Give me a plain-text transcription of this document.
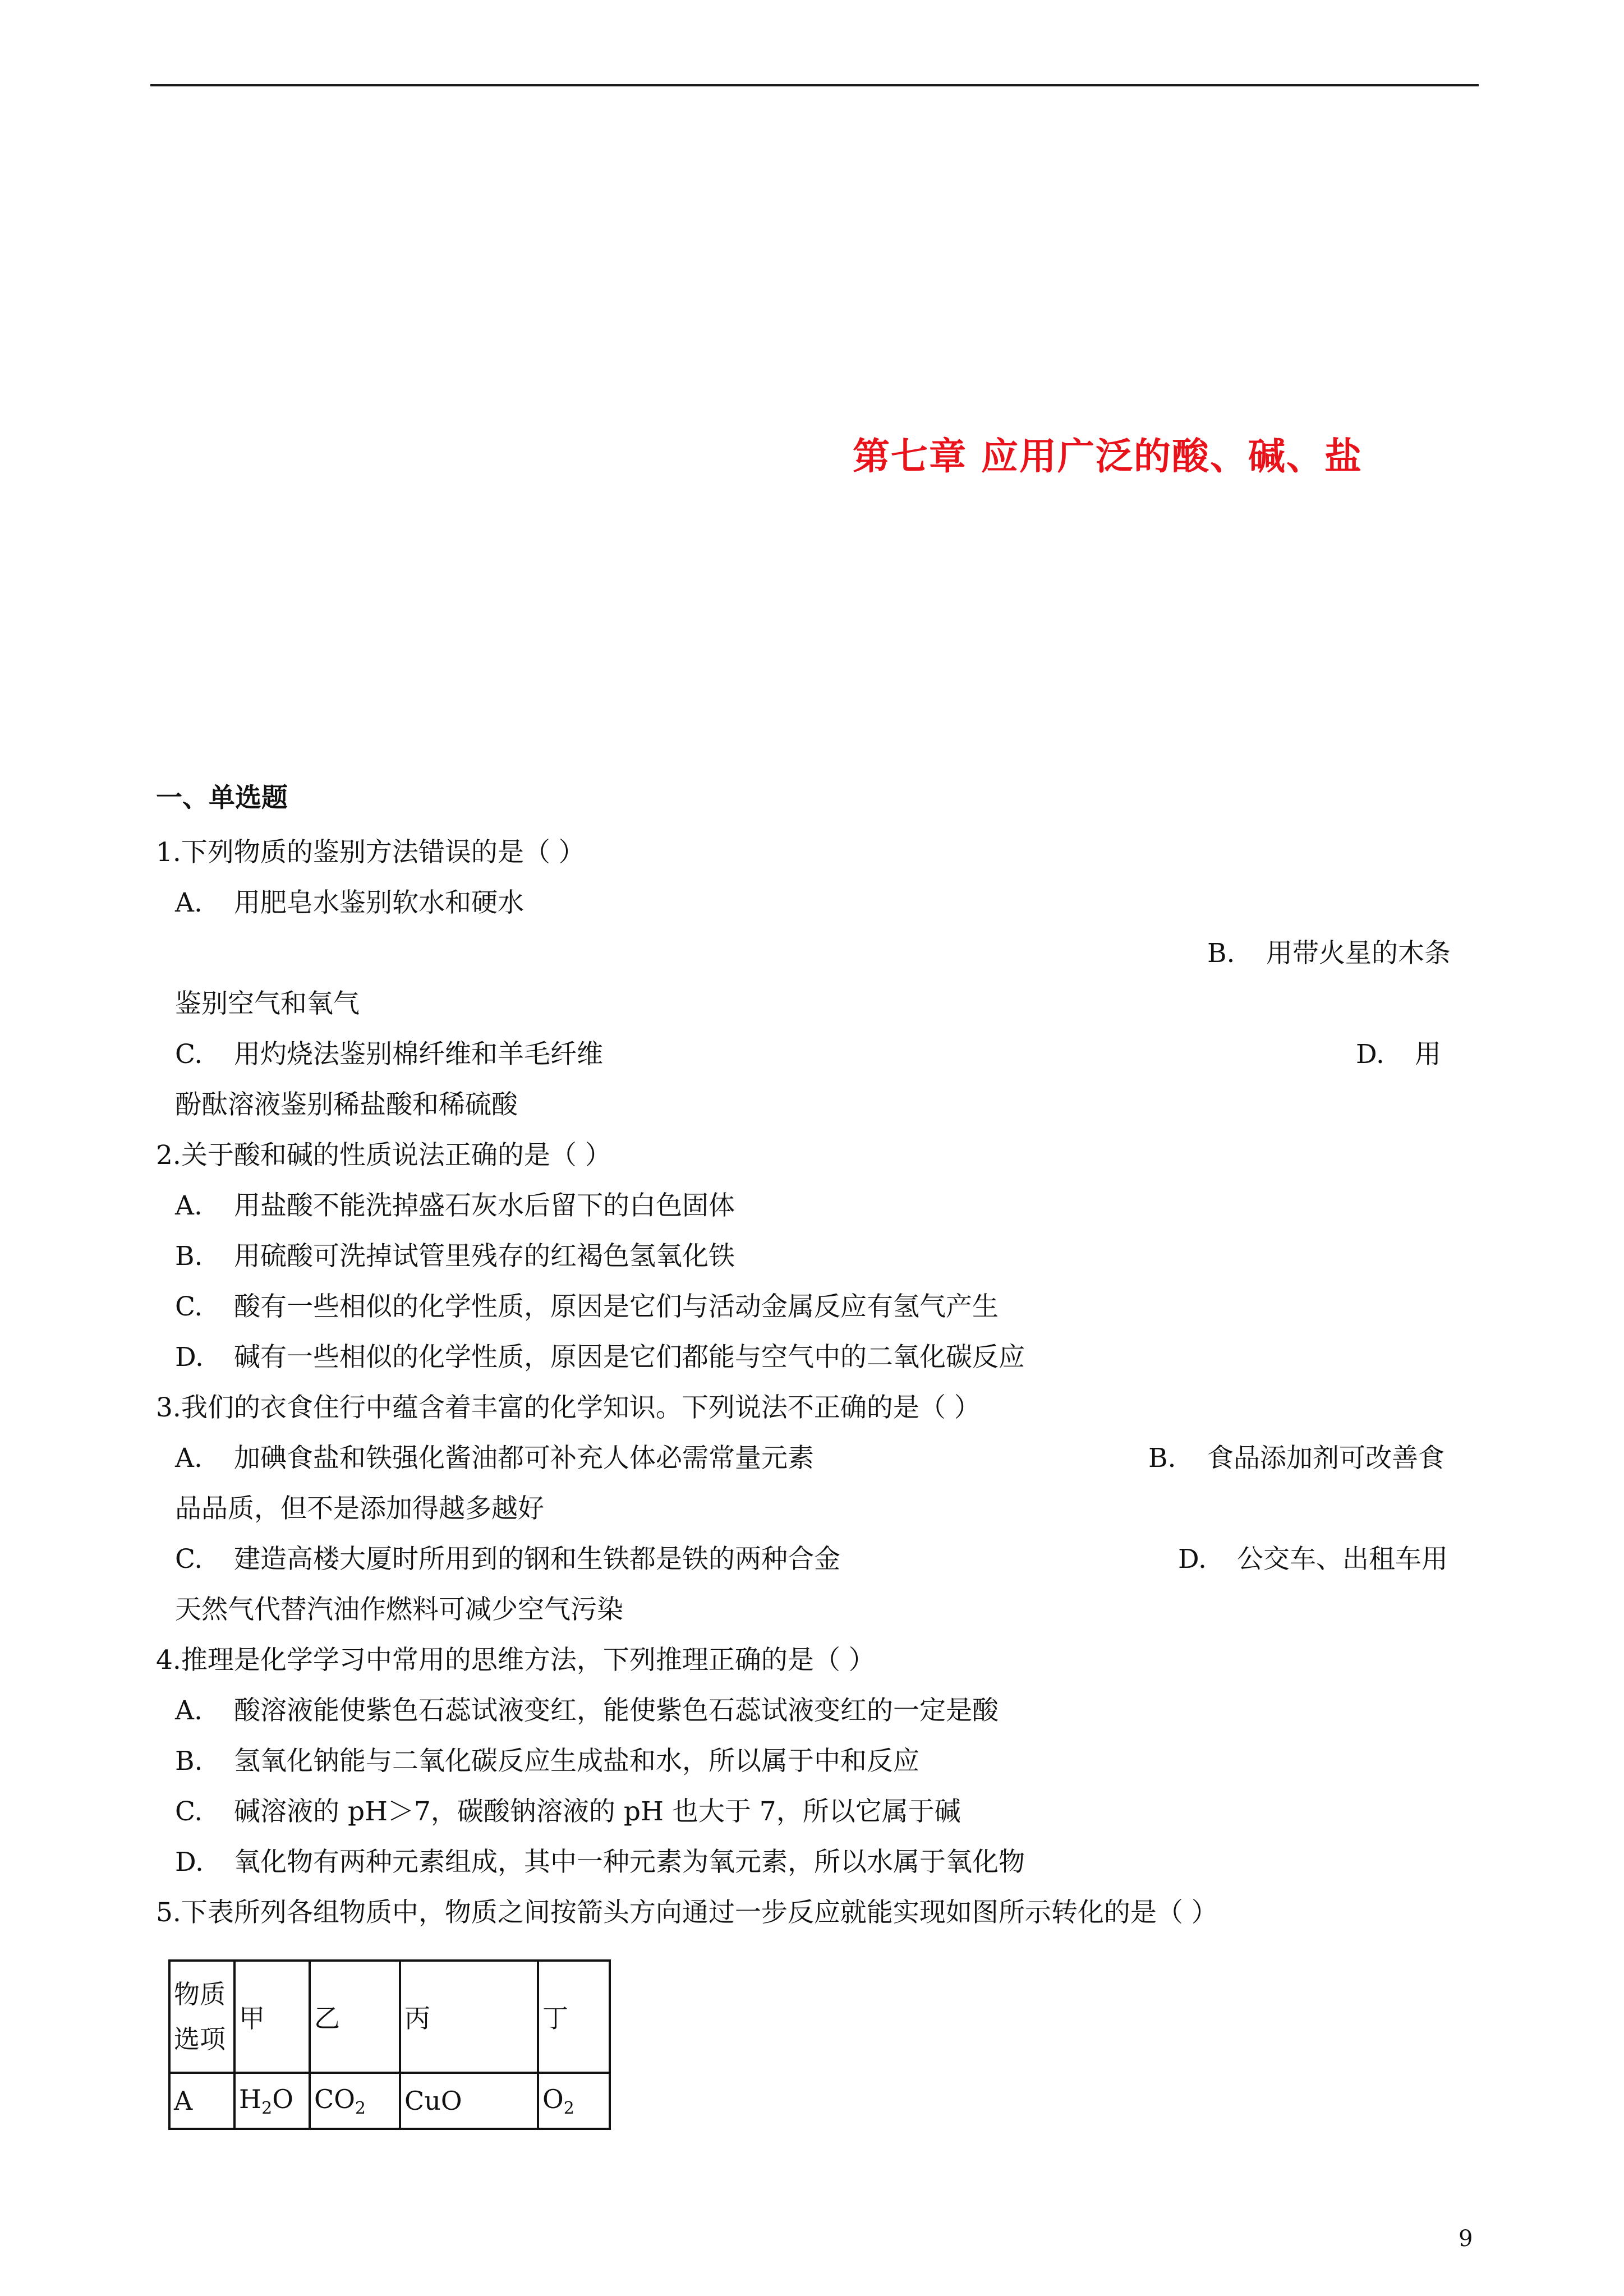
第七章 应用广泛的酸、碱、盐
一、单选题
1.下列物质的鉴别方法错误的是（ ）
A. 用肥皂水鉴别软水和硬水
B. 用带火星的木条
鉴别空气和氧气
C. 用灼烧法鉴别棉纤维和羊毛纤维	D. 用
酚酞溶液鉴别稀盐酸和稀硫酸
2.关于酸和碱的性质说法正确的是（ ）
A. 用盐酸不能洗掉盛石灰水后留下的白色固体
B. 用硫酸可洗掉试管里残存的红褐色氢氧化铁
C. 酸有一些相似的化学性质，原因是它们与活动金属反应有氢气产生
D. 碱有一些相似的化学性质，原因是它们都能与空气中的二氧化碳反应
3.我们的衣食住行中蕴含着丰富的化学知识。下列说法不正确的是（ ）
A. 加碘食盐和铁强化酱油都可补充人体必需常量元素	B. 食品添加剂可改善食
品品质，但不是添加得越多越好
C. 建造高楼大厦时所用到的钢和生铁都是铁的两种合金	D. 公交车、出租车用
天然气代替汽油作燃料可减少空气污染
4.推理是化学学习中常用的思维方法，下列推理正确的是（ ）
A. 酸溶液能使紫色石蕊试液变红，能使紫色石蕊试液变红的一定是酸
B. 氢氧化钠能与二氧化碳反应生成盐和水，所以属于中和反应
C. 碱溶液的 pH＞7，碳酸钠溶液的 pH 也大于 7，所以它属于碱
D. 氧化物有两种元素组成，其中一种元素为氧元素，所以水属于氧化物
5.下表所列各组物质中，物质之间按箭头方向通过一步反应就能实现如图所示转化的是（ ）
物质
选项	甲	乙	丙	丁
A	$H_2O$	$CO_2$	CuO	$O_2$
9
